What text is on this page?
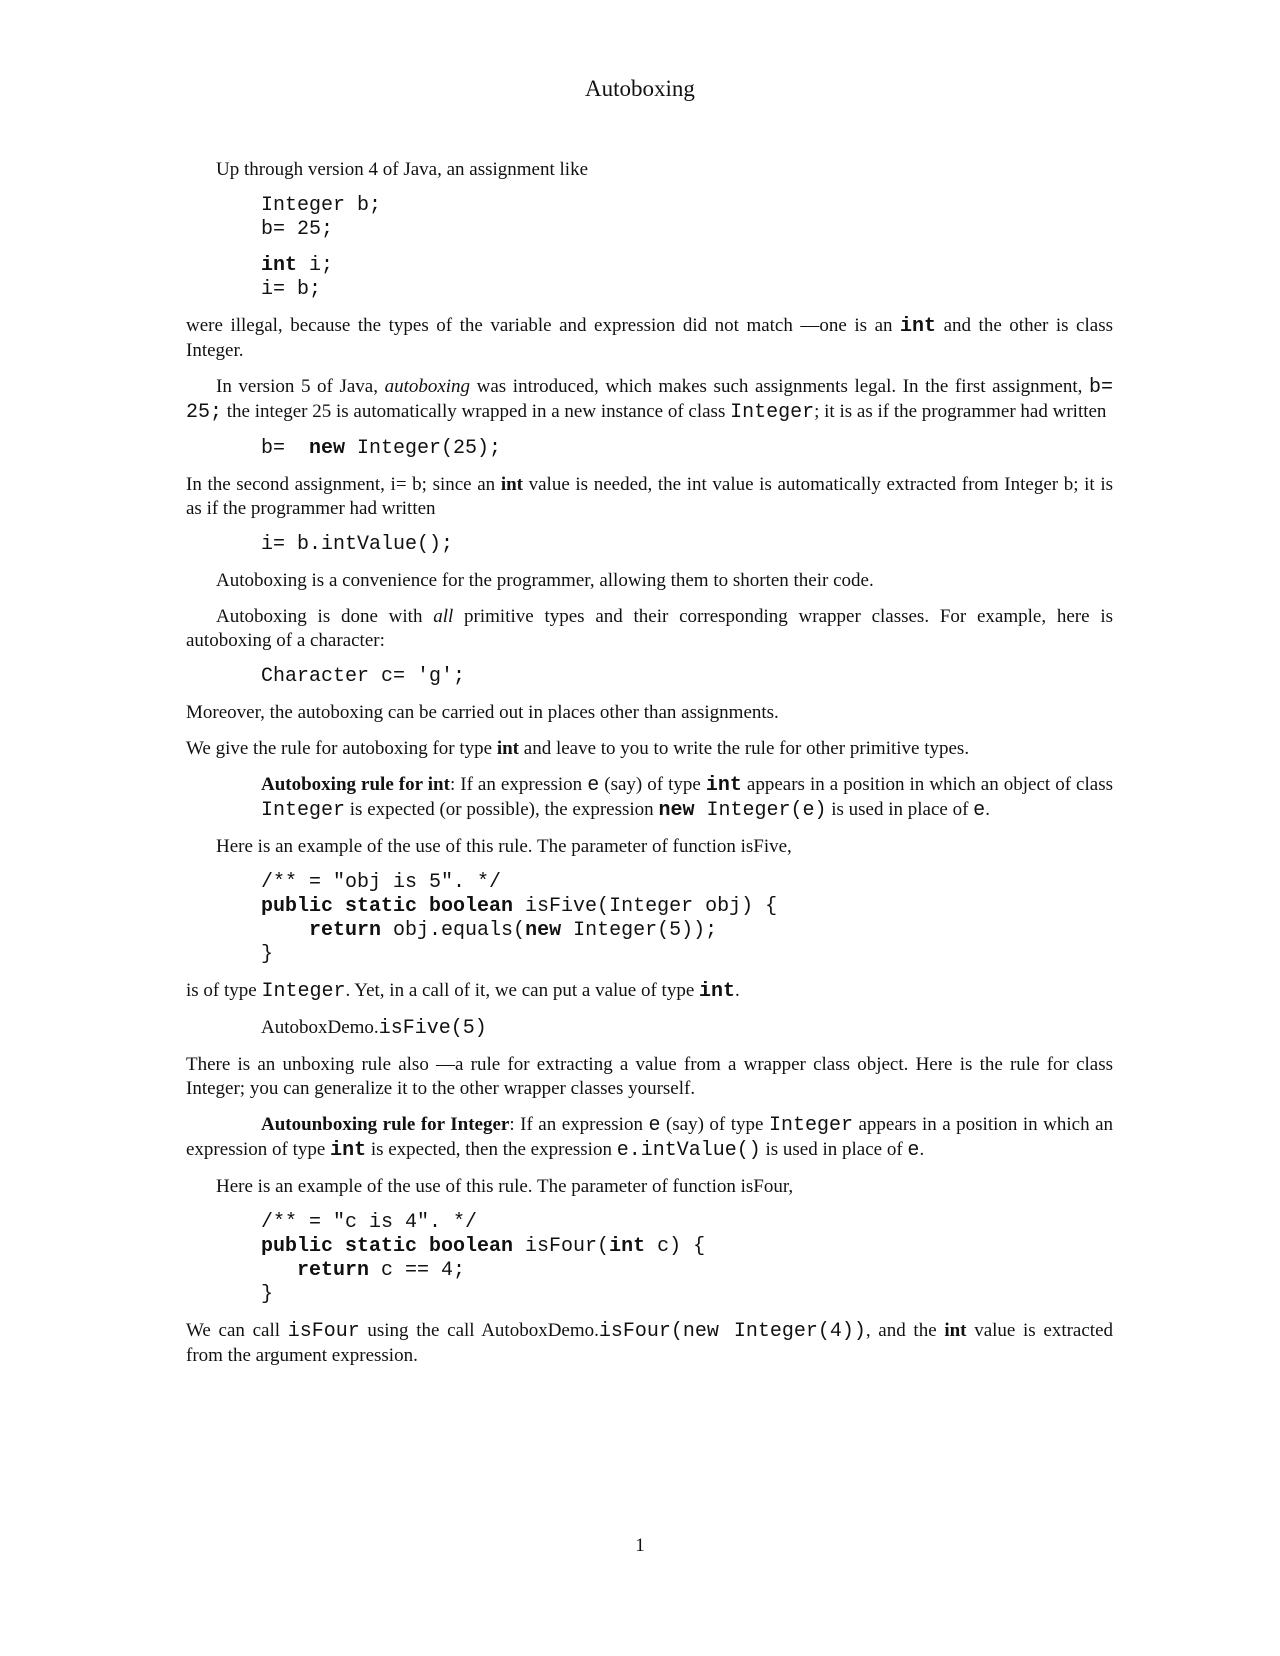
Autoboxing

Up through version 4 of Java, an assignment like

Integer b;
b= 25;
int i;
i= b;

were illegal, because the types of the variable and expression did not match —one is an int and the other is class Integer.

In version 5 of Java, autoboxing was introduced, which makes such assignments legal. In the first assignment, b= 25; the integer 25 is automatically wrapped in a new instance of class Integer; it is as if the programmer had written

b=  new Integer(25);

In the second assignment, i= b; since an int value is needed, the int value is automatically extracted from Integer b; it is as if the programmer had written

i= b.intValue();

Autoboxing is a convenience for the programmer, allowing them to shorten their code.

Autoboxing is done with all primitive types and their corresponding wrapper classes. For example, here is autoboxing of a character:

Character c= 'g';

Moreover, the autoboxing can be carried out in places other than assignments.

We give the rule for autoboxing for type int and leave to you to write the rule for other primitive types.

Autoboxing rule for int: If an expression e (say) of type int appears in a position in which an object of class Integer is expected (or possible), the expression new Integer(e) is used in place of e.

Here is an example of the use of this rule. The parameter of function isFive,

/** = "obj is 5". */
public static boolean isFive(Integer obj) {
return obj.equals(new Integer(5));
}

is of type Integer. Yet, in a call of it, we can put a value of type int.

AutoboxDemo.isFive(5)

There is an unboxing rule also —a rule for extracting a value from a wrapper class object. Here is the rule for class Integer; you can generalize it to the other wrapper classes yourself.

Autounboxing rule for Integer: If an expression e (say) of type Integer appears in a position in which an expression of type int is expected, then the expression e.intValue() is used in place of e.

Here is an example of the use of this rule. The parameter of function isFour,

/** = "c is 4". */
public static boolean isFour(int c) {
return c == 4;
}

We can call isFour using the call AutoboxDemo.isFour(new Integer(4)), and the int value is extracted from the argument expression.

1
